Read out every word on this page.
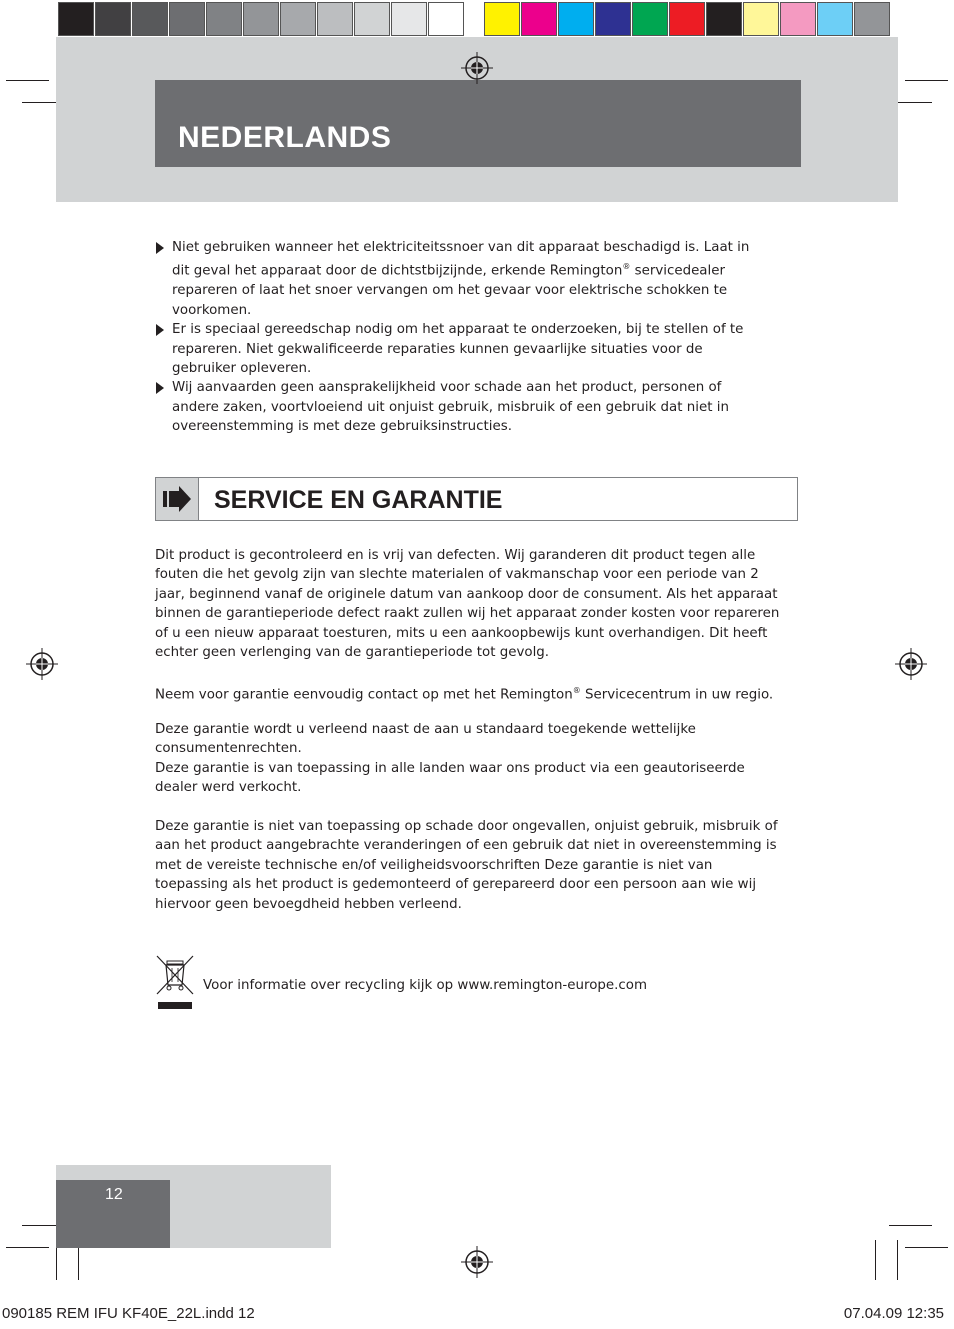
NEDERLANDS

Niet gebruiken wanneer het elektriciteitssnoer van dit apparaat beschadigd is. Laat in dit geval het apparaat door de dichtstbijzijnde, erkende Remington® servicedealer repareren of laat het snoer vervangen om het gevaar voor elektrische schokken te voorkomen.

Er is speciaal gereedschap nodig om het apparaat te onderzoeken, bij te stellen of te repareren. Niet gekwalificeerde reparaties kunnen gevaarlijke situaties voor de gebruiker opleveren.

Wij aanvaarden geen aansprakelijkheid voor schade aan het product, personen of andere zaken, voortvloeiend uit onjuist gebruik, misbruik of een gebruik dat niet in overeenstemming is met deze gebruiksinstructies.

SERVICE EN GARANTIE

Dit product is gecontroleerd en is vrij van defecten. Wij garanderen dit product tegen alle fouten die het gevolg zijn van slechte materialen of vakmanschap voor een periode van 2 jaar, beginnend vanaf de originele datum van aankoop door de consument. Als het apparaat binnen de garantieperiode defect raakt zullen wij het apparaat zonder kosten voor repareren of u een nieuw apparaat toesturen, mits u een aankoopbewijs kunt overhandigen. Dit heeft echter geen verlenging van de garantieperiode tot gevolg.

Neem voor garantie eenvoudig contact op met het Remington® Servicecentrum in uw regio.

Deze garantie wordt u verleend naast de aan u standaard toegekende wettelijke consumentenrechten.

Deze garantie is van toepassing in alle landen waar ons product via een geautoriseerde dealer werd verkocht.

Deze garantie is niet van toepassing op schade door ongevallen, onjuist gebruik, misbruik of aan het product aangebrachte veranderingen of een gebruik dat niet in overeenstemming is met de vereiste technische en/of veiligheidsvoorschriften Deze garantie is niet van toepassing als het product is gedemonteerd of gerepareerd door een persoon aan wie wij hiervoor geen bevoegdheid hebben verleend.

Voor informatie over recycling kijk op www.remington-europe.com
12
090185 REM IFU KF40E_22L.indd 12	07.04.09 12:35
